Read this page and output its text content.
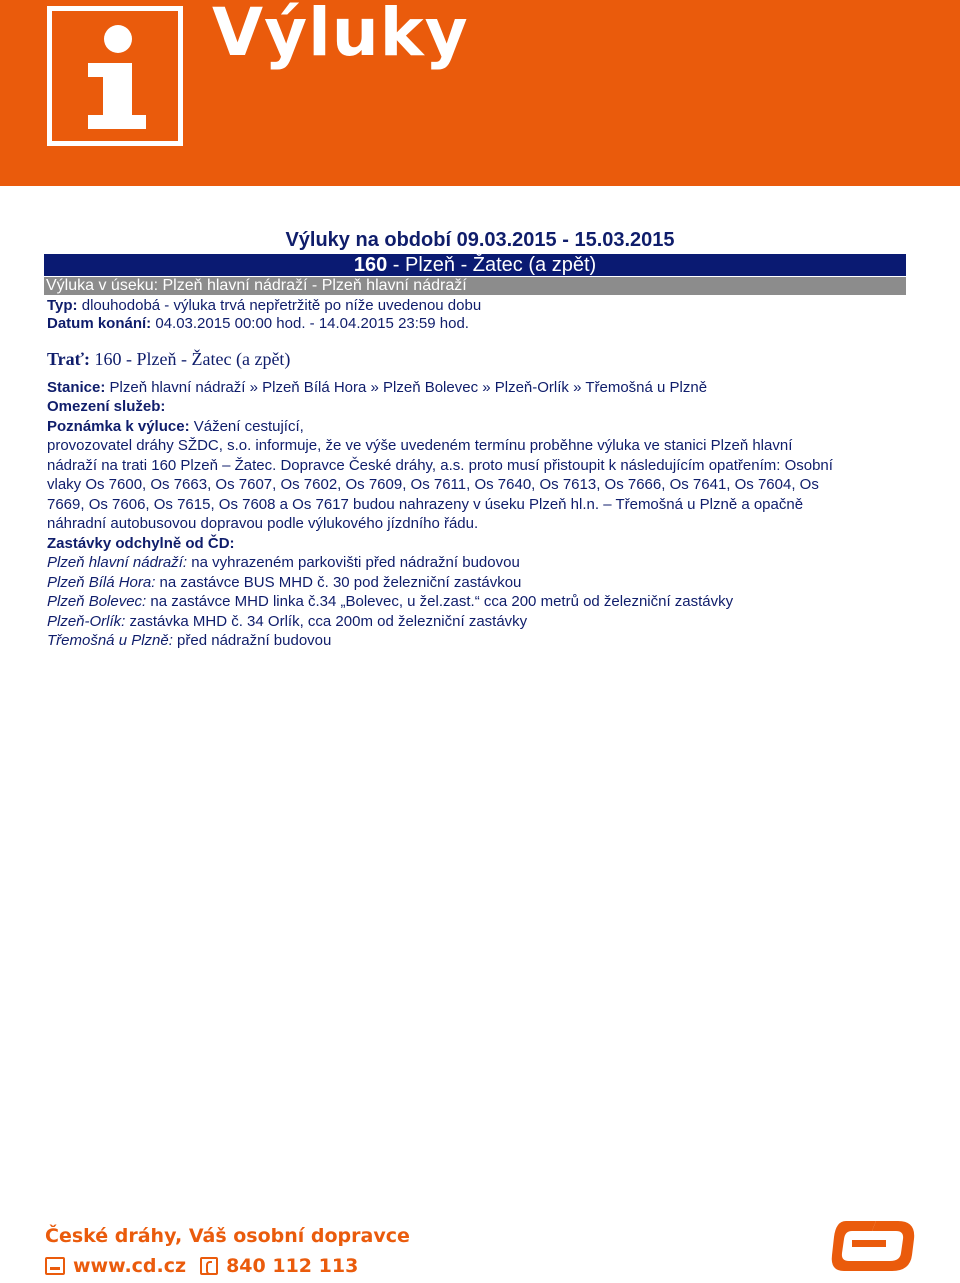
Výluky
Výluky na období 09.03.2015 - 15.03.2015
160 - Plzeň - Žatec (a zpět)
Výluka v úseku: Plzeň hlavní nádraží - Plzeň hlavní nádraží
Typ: dlouhodobá - výluka trvá nepřetržitě po níže uvedenou dobu
Datum konání: 04.03.2015 00:00 hod. - 14.04.2015 23:59 hod.
Trať: 160 - Plzeň - Žatec (a zpět)
Stanice: Plzeň hlavní nádraží » Plzeň Bílá Hora » Plzeň Bolevec » Plzeň-Orlík » Třemošná u Plzně
Omezení služeb:
Poznámka k výluce: Vážení cestující,
provozovatel dráhy SŽDC, s.o. informuje, že ve výše uvedeném termínu proběhne výluka ve stanici Plzeň hlavní
nádraží na trati 160 Plzeň – Žatec. Dopravce České dráhy, a.s. proto musí přistoupit k následujícím opatřením: Osobní
vlaky Os 7600, Os 7663, Os 7607, Os 7602, Os 7609, Os 7611, Os 7640, Os 7613, Os 7666, Os 7641, Os 7604, Os
7669, Os 7606, Os 7615, Os 7608 a Os 7617 budou nahrazeny v úseku Plzeň hl.n. – Třemošná u Plzně a opačně
náhradní autobusovou dopravou podle výlukového jízdního řádu.
Zastávky odchylně od ČD:
Plzeň hlavní nádraží: na vyhrazeném parkovišti před nádražní budovou
Plzeň Bílá Hora: na zastávce BUS MHD č. 30 pod železniční zastávkou
Plzeň Bolevec: na zastávce MHD linka č.34 „Bolevec, u žel.zast.“ cca 200 metrů od železniční zastávky
Plzeň-Orlík: zastávka MHD č. 34 Orlík, cca 200m od železniční zastávky
Třemošná u Plzně: před nádražní budovou
České dráhy, Váš osobní dopravce
www.cd.cz 840 112 113
